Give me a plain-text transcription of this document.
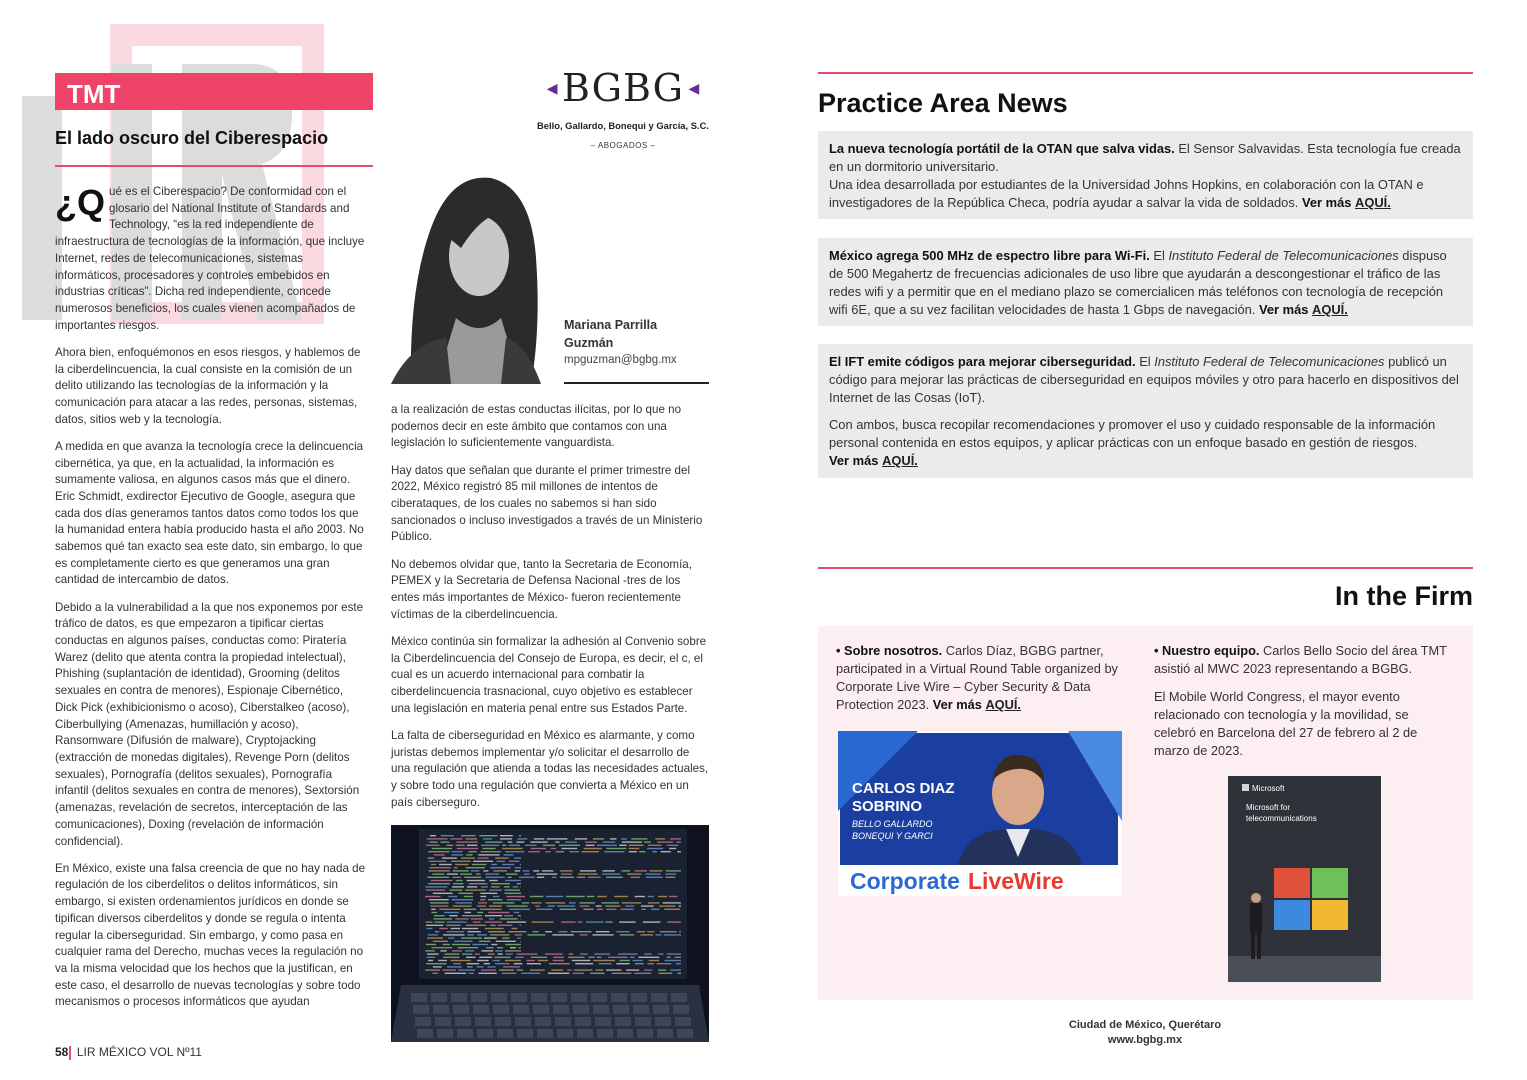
TMT
El lado oscuro del Ciberespacio

¿Q ué es el Ciberespacio? De conformidad con el glosario del National Institute of Standards and Technology, “es la red independiente de infraestructura de tecnologías de la información, que incluye Internet, redes de telecomunicaciones, sistemas informáticos, procesadores y controles embebidos en industrias críticas”. Dicha red independiente, concede numerosos beneficios, los cuales vienen acompañados de importantes riesgos.

Ahora bien, enfoquémonos en esos riesgos, y hablemos de la ciberdelincuencia, la cual consiste en la comisión de un delito utilizando las tecnologías de la información y la comunicación para atacar a las redes, personas, sistemas, datos, sitios web y la tecnología.

A medida en que avanza la tecnología crece la delincuencia cibernética, ya que, en la actualidad, la información es sumamente valiosa, en algunos casos más que el dinero. Eric Schmidt, exdirector Ejecutivo de Google, asegura que cada dos días generamos tantos datos como todos los que la humanidad entera había producido hasta el año 2003. No sabemos qué tan exacto sea este dato, sin embargo, lo que es completamente cierto es que generamos una gran cantidad de intercambio de datos.

Debido a la vulnerabilidad a la que nos exponemos por este tráfico de datos, es que empezaron a tipificar ciertas conductas en algunos países, conductas como: Piratería Warez (delito que atenta contra la propiedad intelectual), Phishing (suplantación de identidad), Grooming (delitos sexuales en contra de menores), Espionaje Cibernético, Dick Pick (exhibicionismo o acoso), Ciberstalkeo (acoso), Ciberbullying (Amenazas, humillación y acoso), Ransomware (Difusión de malware), Cryptojacking (extracción de monedas digitales), Revenge Porn (delitos sexuales), Pornografía (delitos sexuales), Pornografía infantil (delitos sexuales en contra de menores), Sextorsión (amenazas, revelación de secretos, interceptación de las comunicaciones), Doxing (revelación de información confidencial).

En México, existe una falsa creencia de que no hay nada de regulación de los ciberdelitos o delitos informáticos, sin embargo, si existen ordenamientos jurídicos en donde se tipifican diversos ciberdelitos y donde se regula o intenta regular la ciberseguridad. Sin embargo, y como pasa en cualquier rama del Derecho, muchas veces la regulación no va la misma velocidad que los hechos que la justifican, en este caso, el desarrollo de nuevas tecnologías y sobre todo mecanismos o procesos informáticos que ayudan

◀ BGBG ◀
Bello, Gallardo, Bonequi y García, S.C.
– ABOGADOS –
Mariana Parrilla Guzmán
mpguzman@bgbg.mx

a la realización de estas conductas ilícitas, por lo que no podemos decir en este ámbito que contamos con una legislación lo suficientemente vanguardista.

Hay datos que señalan que durante el primer trimestre del 2022, México registró 85 mil millones de intentos de ciberataques, de los cuales no sabemos si han sido sancionados o incluso investigados a través de un Ministerio Público.

No debemos olvidar que, tanto la Secretaria de Economía, PEMEX y la Secretaria de Defensa Nacional -tres de los entes más importantes de México- fueron recientemente víctimas de la ciberdelincuencia.

México continúa sin formalizar la adhesión al Convenio sobre la Ciberdelincuencia del Consejo de Europa, es decir, el c, el cual es un acuerdo internacional para combatir la ciberdelincuencia trasnacional, cuyo objetivo es establecer una legislación en materia penal entre sus Estados Parte.

La falta de ciberseguridad en México es alarmante, y como juristas debemos implementar y/o solicitar el desarrollo de una regulación que atienda a todas las necesidades actuales, y sobre todo una regulación que convierta a México en un país ciberseguro.

58 LIR MÉXICO VOL Nº11
Practice Area News

La nueva tecnología portátil de la OTAN que salva vidas. El Sensor Salvavidas. Esta tecnología fue creada en un dormitorio universitario.
Una idea desarrollada por estudiantes de la Universidad Johns Hopkins, en colaboración con la OTAN e investigadores de la República Checa, podría ayudar a salvar la vida de soldados. Ver más AQUÍ.

México agrega 500 MHz de espectro libre para Wi-Fi. El Instituto Federal de Telecomunicaciones dispuso de 500 Megahertz de frecuencias adicionales de uso libre que ayudarán a descongestionar el tráfico de las redes wifi y a permitir que en el mediano plazo se comercialicen más teléfonos con tecnología de recepción wifi 6E, que a su vez facilitan velocidades de hasta 1 Gbps de navegación. Ver más AQUÍ.

El IFT emite códigos para mejorar ciberseguridad. El Instituto Federal de Telecomunicaciones publicó un código para mejorar las prácticas de ciberseguridad en equipos móviles y otro para hacerlo en dispositivos del Internet de las Cosas (IoT).

Con ambos, busca recopilar recomendaciones y promover el uso y cuidado responsable de la información personal contenida en estos equipos, y aplicar prácticas con un enfoque basado en gestión de riesgos.
Ver más AQUÍ.

In the Firm

• Sobre nosotros. Carlos Díaz, BGBG partner, participated in a Virtual Round Table organized by Corporate Live Wire – Cyber Security & Data Protection 2023. Ver más AQUÍ.

• Nuestro equipo. Carlos Bello Socio del área TMT asistió al MWC 2023 representando a BGBG.

El Mobile World Congress, el mayor evento relacionado con tecnología y la movilidad, se celebró en Barcelona del 27 de febrero al 2 de marzo de 2023.

CARLOS DIAZ
SOBRINO
BELLO GALLARDO
BONEQUI Y GARCI
Corporate LiveWire
Microsoft
Microsoft for
telecommunications
Ciudad de México, Querétaro
www.bgbg.mx
